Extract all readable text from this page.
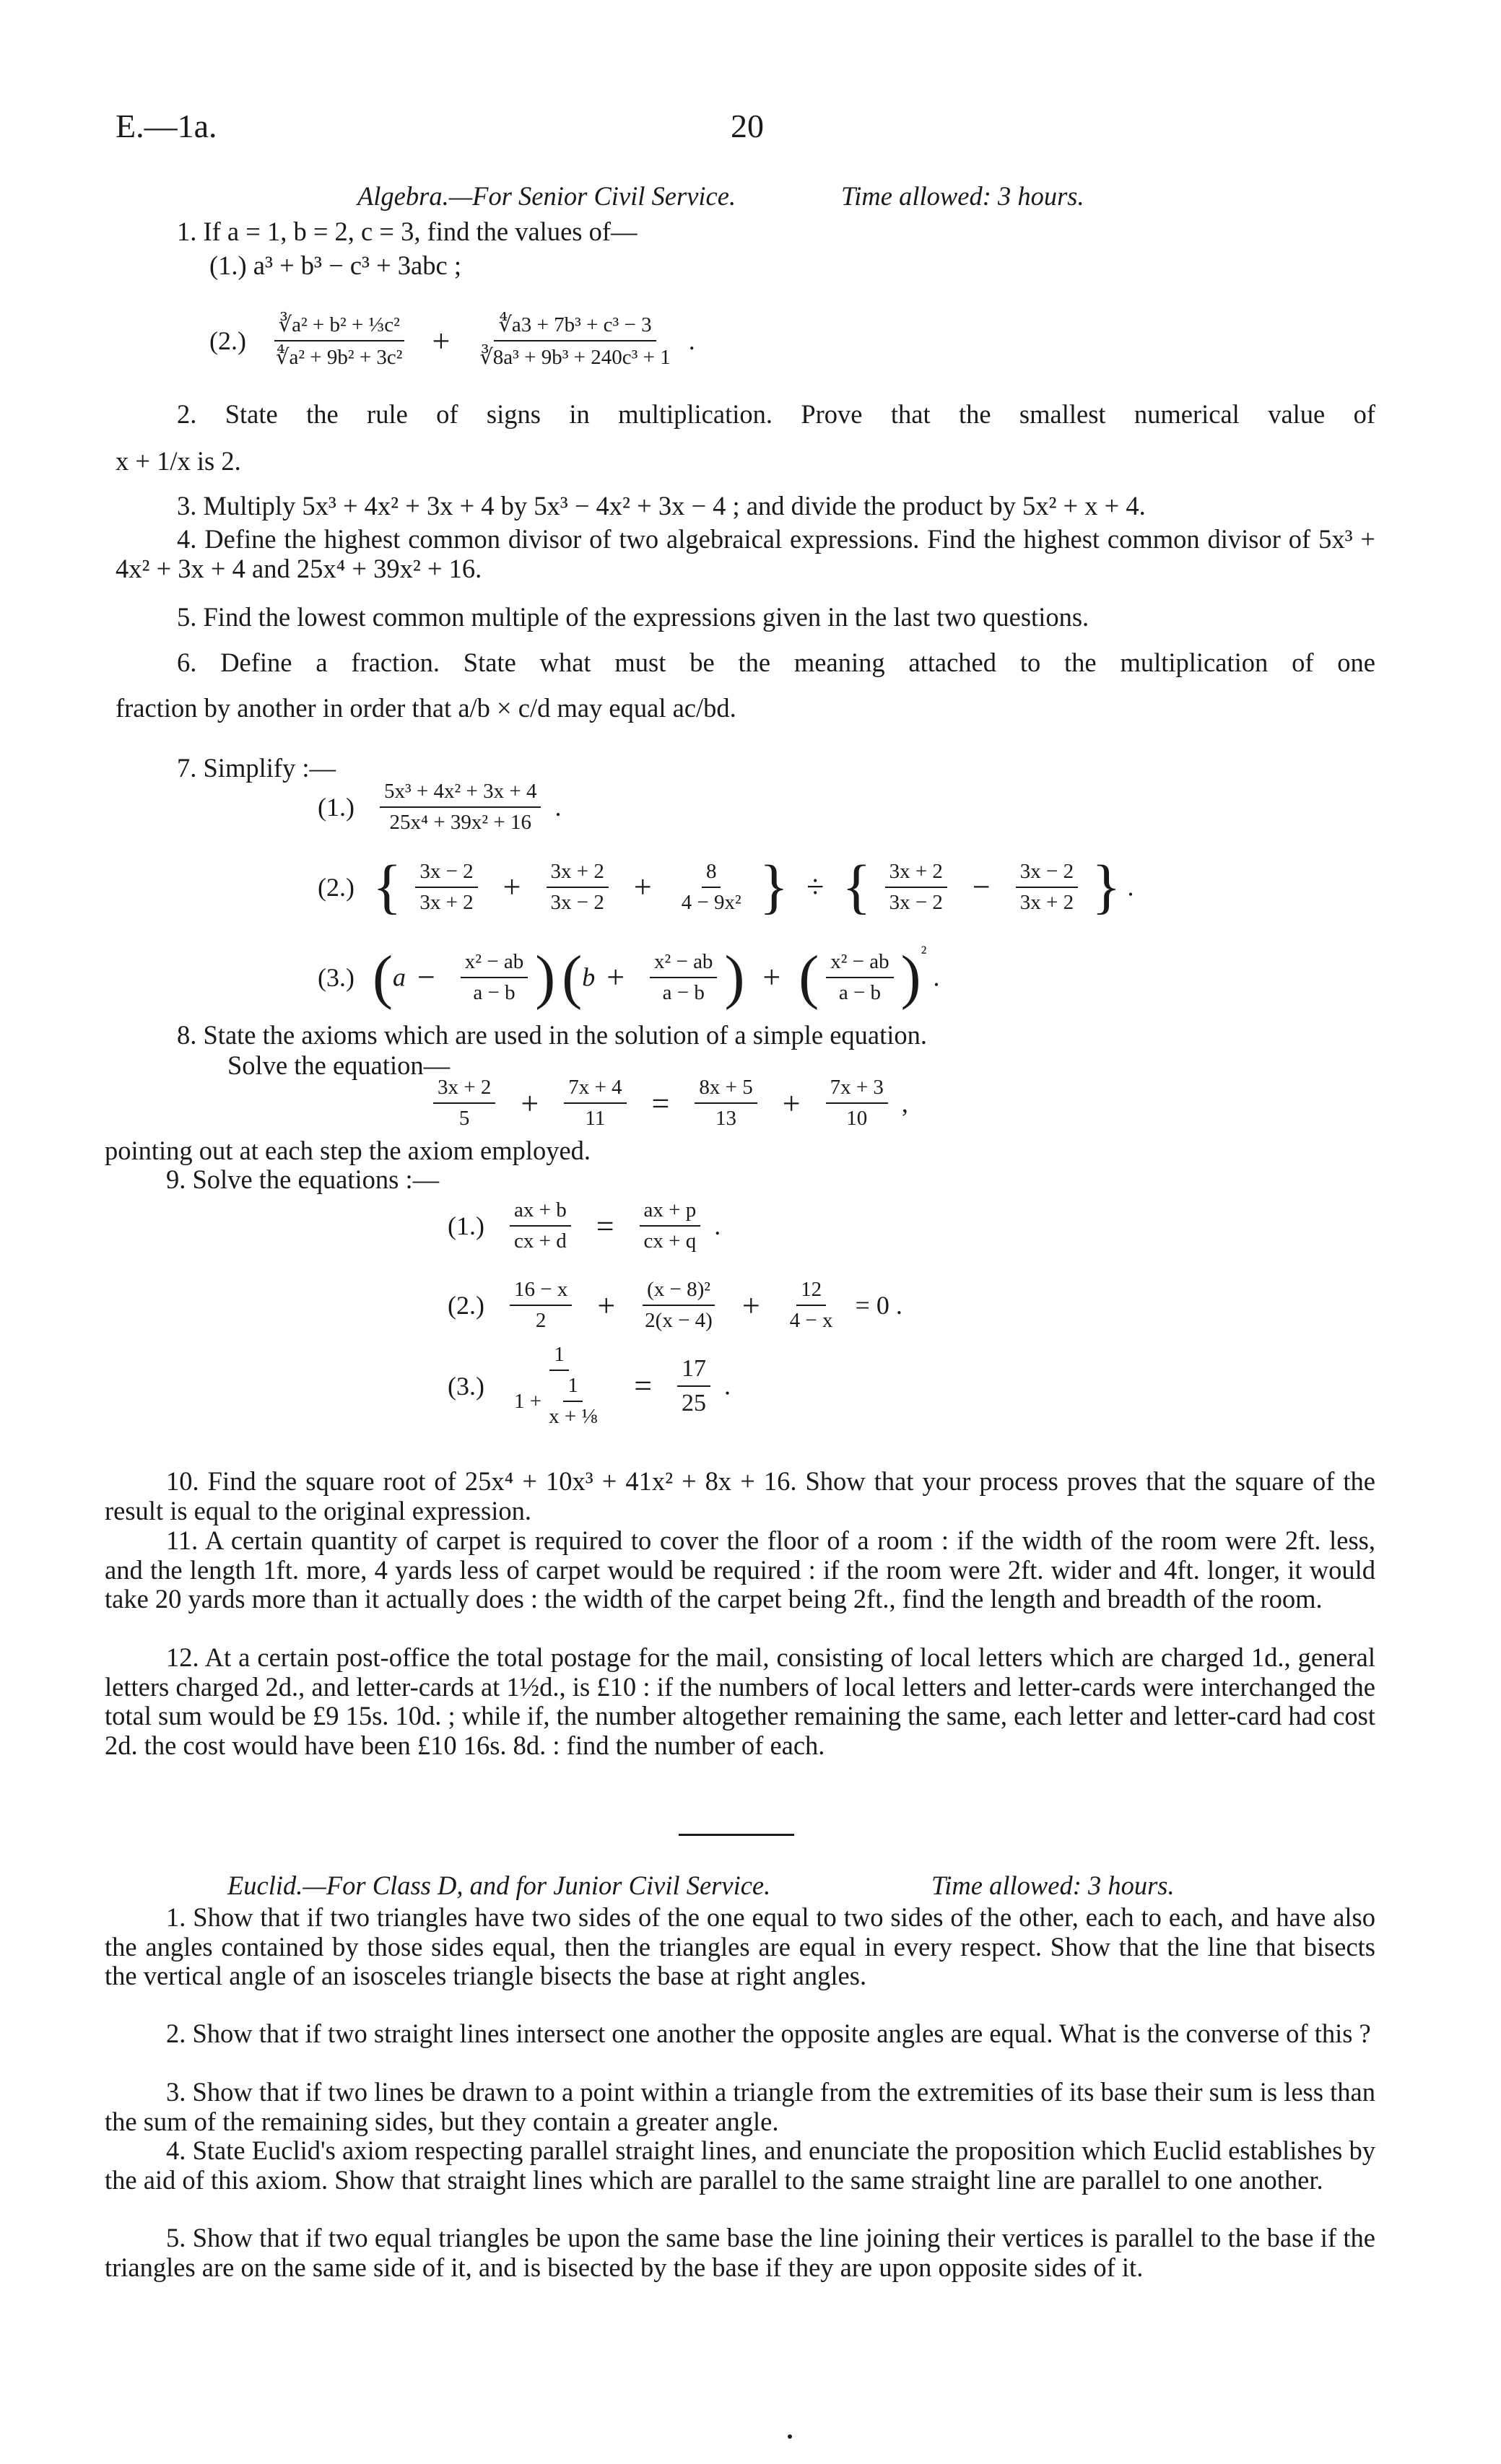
E.—1a.	20
Algebra.—For Senior Civil Service.	Time allowed: 3 hours.
1. If a = 1, b = 2, c = 3, find the values of—
(1.) a³ + b³ − c³ + 3abc ;
$(2.) \frac{\text{∛a² + b² + ⅓c²}}{\text{∜a² + 9b² + 3c²}} + \frac{\text{∜a3 + 7b³ + c³ − 3}}{\text{∛8a³ + 9b³ + 240c³ + 1}}$ .
2. State the rule of signs in multiplication. Prove that the smallest numerical value of
x + 1/x is 2.
3. Multiply 5x³ + 4x² + 3x + 4 by 5x³ − 4x² + 3x − 4 ; and divide the product by 5x² + x + 4.
4. Define the highest common divisor of two algebraical expressions. Find the highest common divisor of 5x³ + 4x² + 3x + 4 and 25x⁴ + 39x² + 16.
5. Find the lowest common multiple of the expressions given in the last two questions.
6. Define a fraction. State what must be the meaning attached to the multiplication of one
fraction by another in order that a/b × c/d may equal ac/bd.
7. Simplify :—
$(1.) \frac{\text{5x³ + 4x² + 3x + 4}}{\text{25x⁴ + 39x² + 16}}$ .
(2.) { $\frac{3x - 2}{3x + 2} + \frac{3x + 2}{3x - 2} + \frac{8}{\text{4 − 9x²}}$ } ÷ { $\frac{3x + 2}{3x - 2} - \frac{3x - 2}{3x + 2}$ } .
(3.) ($a - \frac{\text{x² − ab}}{a - b}$ ) ($b + \frac{\text{x² − ab}}{a - b}$ ) + ( $\frac{\text{x² − ab}}{a - b} )^{^2}$ .
8. State the axioms which are used in the solution of a simple equation.
Solve the equation—
$\frac{3x + 2}{5} + \frac{7x + 4}{11} = \frac{8x + 5}{13} + \frac{7x + 3}{10}$ ,
pointing out at each step the axiom employed.
9. Solve the equations :—
$(1.) \frac{ax + b}{cx + d} = \frac{ax + p}{cx + q}$ .
$(2.) \frac{16 - x}{2} + \frac{\text{(x − 8)²}}{2(x - 4)} + \frac{12}{4 - x} = 0$ .
$(3.) \frac{1}{1 + \frac{1}{\text{x + ⅛}}} = \frac{17}{25}$ .
10. Find the square root of 25x⁴ + 10x³ + 41x² + 8x + 16. Show that your process proves that the square of the result is equal to the original expression.
11. A certain quantity of carpet is required to cover the floor of a room : if the width of the room were 2ft. less, and the length 1ft. more, 4 yards less of carpet would be required : if the room were 2ft. wider and 4ft. longer, it would take 20 yards more than it actually does : the width of the carpet being 2ft., find the length and breadth of the room.
12. At a certain post-office the total postage for the mail, consisting of local letters which are charged 1d., general letters charged 2d., and letter-cards at 1½d., is £10 : if the numbers of local letters and letter-cards were interchanged the total sum would be £9 15s. 10d. ; while if, the number altogether remaining the same, each letter and letter-card had cost 2d. the cost would have been £10 16s. 8d. : find the number of each.
Euclid.—For Class D, and for Junior Civil Service.	Time allowed: 3 hours.
1. Show that if two triangles have two sides of the one equal to two sides of the other, each to each, and have also the angles contained by those sides equal, then the triangles are equal in every respect. Show that the line that bisects the vertical angle of an isosceles triangle bisects the base at right angles.
2. Show that if two straight lines intersect one another the opposite angles are equal. What is the converse of this ?
3. Show that if two lines be drawn to a point within a triangle from the extremities of its base their sum is less than the sum of the remaining sides, but they contain a greater angle.
4. State Euclid's axiom respecting parallel straight lines, and enunciate the proposition which Euclid establishes by the aid of this axiom. Show that straight lines which are parallel to the same straight line are parallel to one another.
5. Show that if two equal triangles be upon the same base the line joining their vertices is parallel to the base if the triangles are on the same side of it, and is bisected by the base if they are upon opposite sides of it.
